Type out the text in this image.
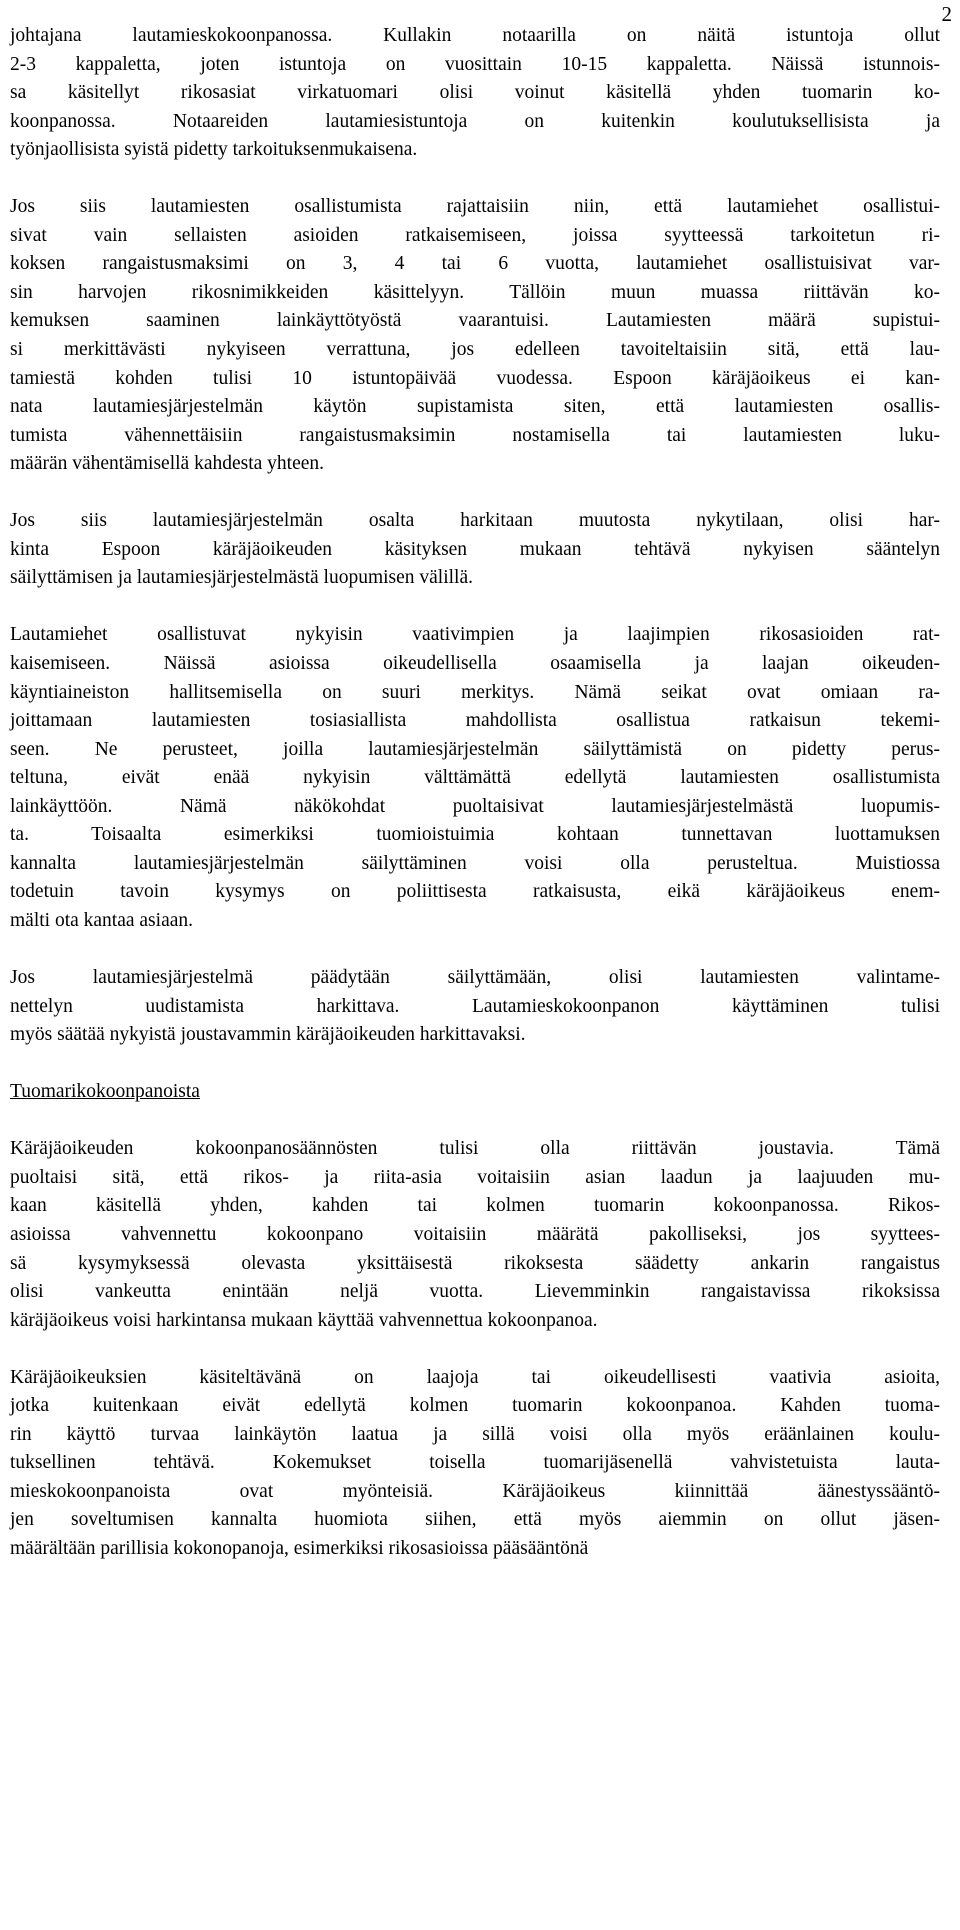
2
johtajana lautamieskokoonpanossa. Kullakin notaarilla on näitä istuntoja ollut
2-3 kappaletta, joten istuntoja on vuosittain 10-15 kappaletta. Näissä istunnois-
sa käsitellyt rikosasiat virkatuomari olisi voinut käsitellä yhden tuomarin ko-
koonpanossa. Notaareiden lautamiesistuntoja on kuitenkin koulutuksellisista ja
työnjaollisista syistä pidetty tarkoituksenmukaisena.
Jos siis lautamiesten osallistumista rajattaisiin niin, että lautamiehet osallistui-
sivat vain sellaisten asioiden ratkaisemiseen, joissa syytteessä tarkoitetun ri-
koksen rangaistusmaksimi on 3, 4 tai 6 vuotta, lautamiehet osallistuisivat var-
sin harvojen rikosnimikkeiden käsittelyyn. Tällöin muun muassa riittävän ko-
kemuksen saaminen lainkäyttötyöstä vaarantuisi. Lautamiesten määrä supistui-
si merkittävästi nykyiseen verrattuna, jos edelleen tavoiteltaisiin sitä, että lau-
tamiestä kohden tulisi 10 istuntopäivää vuodessa. Espoon käräjäoikeus ei kan-
nata lautamiesjärjestelmän käytön supistamista siten, että lautamiesten osallis-
tumista vähennettäisiin rangaistusmaksimin nostamisella tai lautamiesten luku-
määrän vähentämisellä kahdesta yhteen.
Jos siis lautamiesjärjestelmän osalta harkitaan muutosta nykytilaan, olisi har-
kinta Espoon käräjäoikeuden käsityksen mukaan tehtävä nykyisen sääntelyn
säilyttämisen ja lautamiesjärjestelmästä luopumisen välillä.
Lautamiehet osallistuvat nykyisin vaativimpien ja laajimpien rikosasioiden rat-
kaisemiseen. Näissä asioissa oikeudellisella osaamisella ja laajan oikeuden-
käyntiaineiston hallitsemisella on suuri merkitys. Nämä seikat ovat omiaan ra-
joittamaan lautamiesten tosiasiallista mahdollista osallistua ratkaisun tekemi-
seen. Ne perusteet, joilla lautamiesjärjestelmän säilyttämistä on pidetty perus-
teltuna, eivät enää nykyisin välttämättä edellytä lautamiesten osallistumista
lainkäyttöön. Nämä näkökohdat puoltaisivat lautamiesjärjestelmästä luopumis-
ta. Toisaalta esimerkiksi tuomioistuimia kohtaan tunnettavan luottamuksen
kannalta lautamiesjärjestelmän säilyttäminen voisi olla perusteltua. Muistiossa
todetuin tavoin kysymys on poliittisesta ratkaisusta, eikä käräjäoikeus enem-
mälti ota kantaa asiaan.
Jos lautamiesjärjestelmä päädytään säilyttämään, olisi lautamiesten valintame-
nettelyn uudistamista harkittava. Lautamieskokoonpanon käyttäminen tulisi
myös säätää nykyistä joustavammin käräjäoikeuden harkittavaksi.
Tuomarikokoonpanoista
Käräjäoikeuden kokoonpanosäännösten tulisi olla riittävän joustavia. Tämä
puoltaisi sitä, että rikos- ja riita-asia voitaisiin asian laadun ja laajuuden mu-
kaan käsitellä yhden, kahden tai kolmen tuomarin kokoonpanossa. Rikos-
asioissa vahvennettu kokoonpano voitaisiin määrätä pakolliseksi, jos syyttees-
sä kysymyksessä olevasta yksittäisestä rikoksesta säädetty ankarin rangaistus
olisi vankeutta enintään neljä vuotta. Lievemminkin rangaistavissa rikoksissa
käräjäoikeus voisi harkintansa mukaan käyttää vahvennettua kokoonpanoa.
Käräjäoikeuksien käsiteltävänä on laajoja tai oikeudellisesti vaativia asioita,
jotka kuitenkaan eivät edellytä kolmen tuomarin kokoonpanoa. Kahden tuoma-
rin käyttö turvaa lainkäytön laatua ja sillä voisi olla myös eräänlainen koulu-
tuksellinen tehtävä. Kokemukset toisella tuomarijäsenellä vahvistetuista lauta-
mieskokoonpanoista ovat myönteisiä. Käräjäoikeus kiinnittää äänestyssääntö-
jen soveltumisen kannalta huomiota siihen, että myös aiemmin on ollut jäsen-
määrältään parillisia kokonopanoja, esimerkiksi rikosasioissa pääsääntönä
